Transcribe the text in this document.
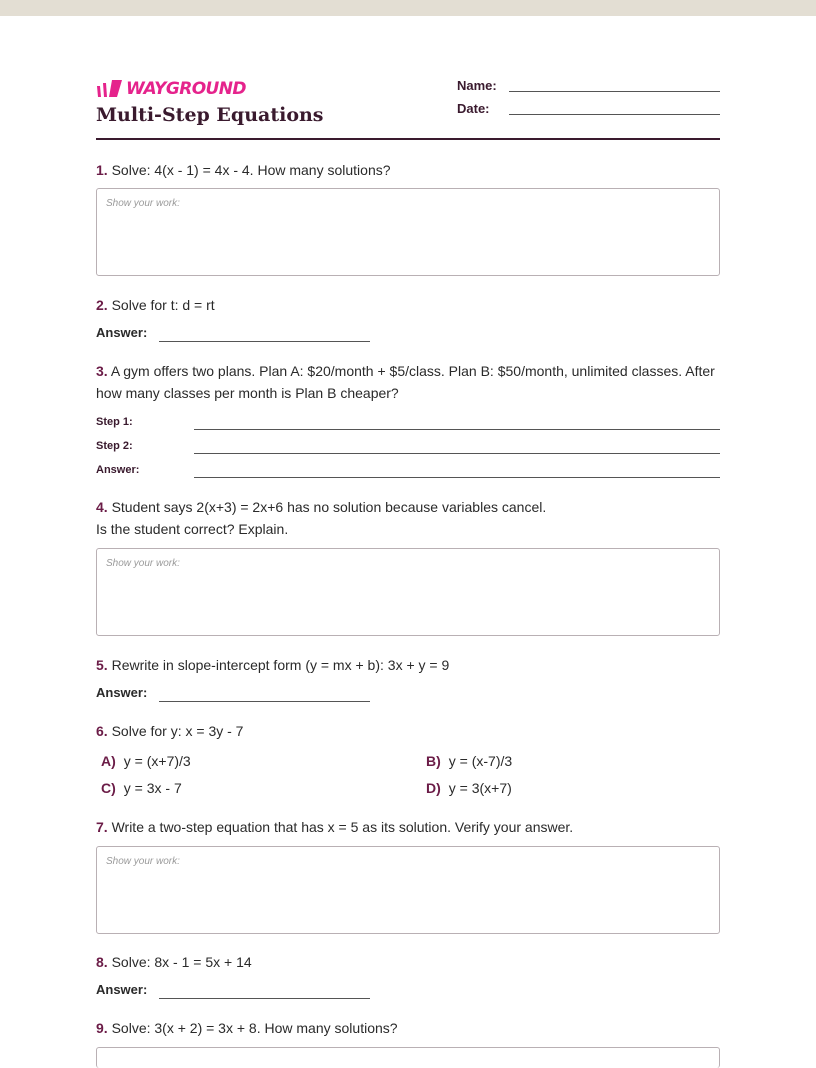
WAYGROUND
Multi-Step Equations
Name:
Date:
1. Solve: 4(x - 1) = 4x - 4. How many solutions?
Show your work:
2. Solve for t: d = rt
Answer:
3. A gym offers two plans. Plan A: $20/month + $5/class. Plan B: $50/month, unlimited classes. After how many classes per month is Plan B cheaper?
Step 1:
Step 2:
Answer:
4. Student says 2(x+3) = 2x+6 has no solution because variables cancel.
Is the student correct? Explain.
Show your work:
5. Rewrite in slope-intercept form (y = mx + b): 3x + y = 9
Answer:
6. Solve for y: x = 3y - 7
A) y = (x+7)/3	B) y = (x-7)/3
C) y = 3x - 7	D) y = 3(x+7)
7. Write a two-step equation that has x = 5 as its solution. Verify your answer.
Show your work:
8. Solve: 8x - 1 = 5x + 14
Answer:
9. Solve: 3(x + 2) = 3x + 8. How many solutions?
